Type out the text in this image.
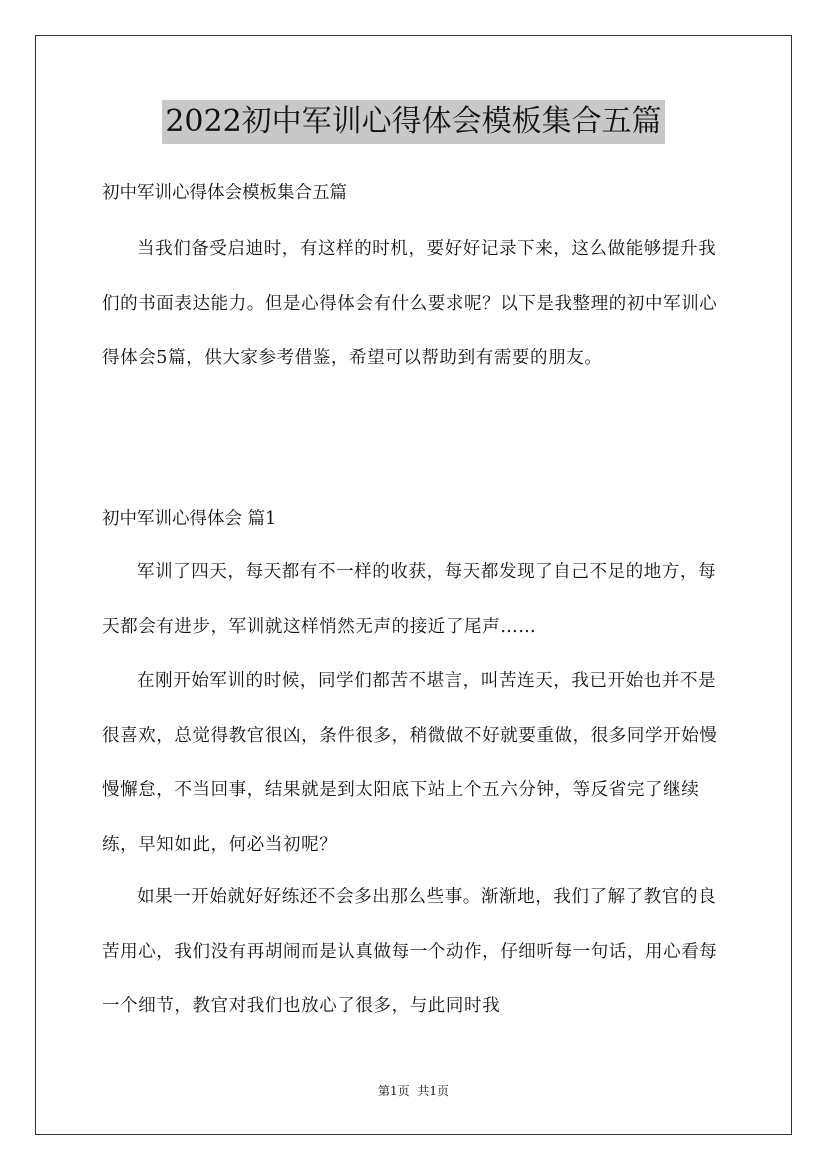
2022初中军训心得体会模板集合五篇
初中军训心得体会模板集合五篇
当我们备受启迪时，有这样的时机，要好好记录下来，这么做能够提升我们的书面表达能力。但是心得体会有什么要求呢？以下是我整理的初中军训心得体会5篇，供大家参考借鉴，希望可以帮助到有需要的朋友。
初中军训心得体会 篇1
军训了四天，每天都有不一样的收获，每天都发现了自己不足的地方，每天都会有进步，军训就这样悄然无声的接近了尾声……
在刚开始军训的时候，同学们都苦不堪言，叫苦连天，我已开始也并不是很喜欢，总觉得教官很凶，条件很多，稍微做不好就要重做，很多同学开始慢慢懈怠，不当回事，结果就是到太阳底下站上个五六分钟，等反省完了继续练，早知如此，何必当初呢？
如果一开始就好好练还不会多出那么些事。渐渐地，我们了解了教官的良苦用心，我们没有再胡闹而是认真做每一个动作，仔细听每一句话，用心看每一个细节，教官对我们也放心了很多，与此同时我
第1页 共1页
